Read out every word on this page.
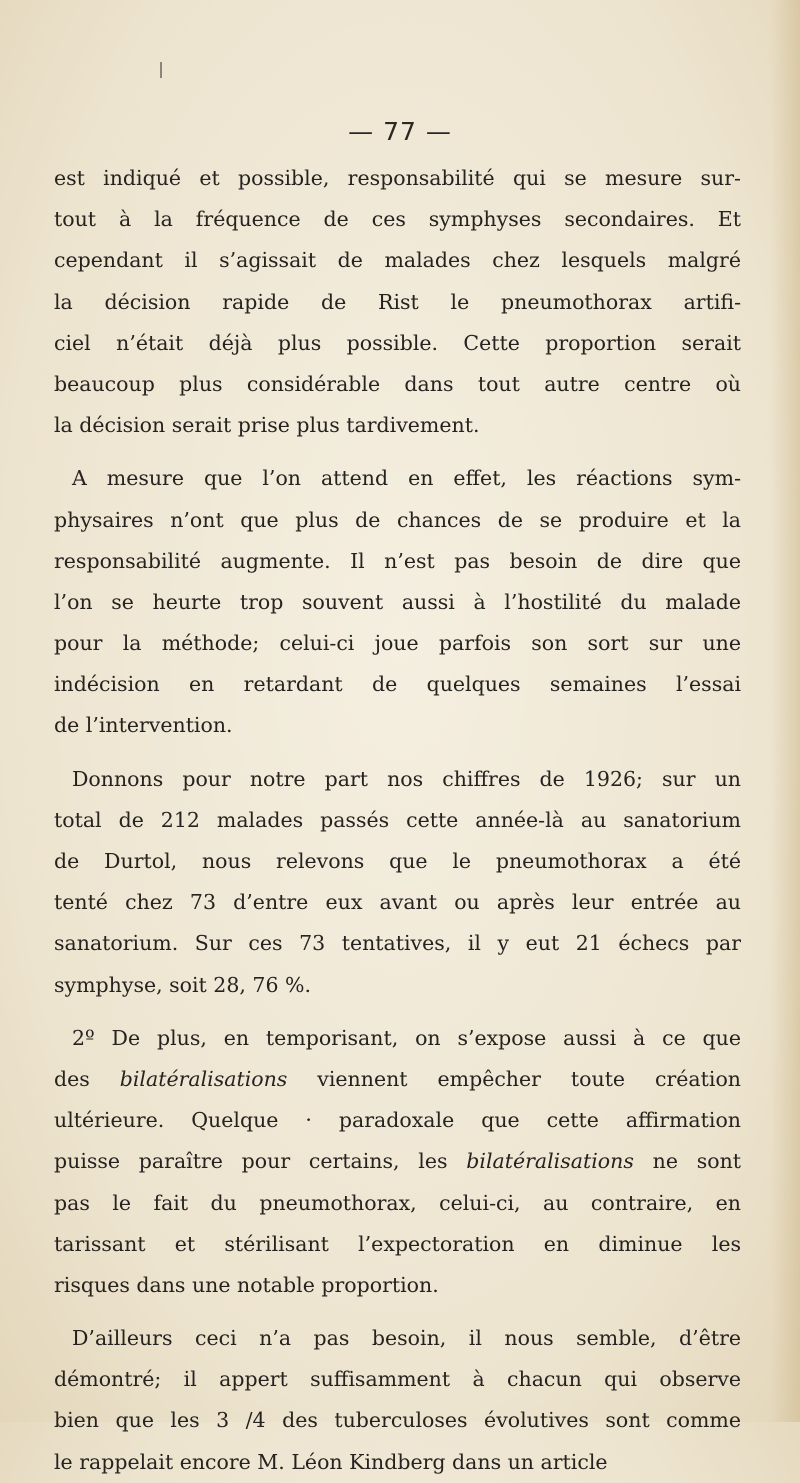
— 77 —
est indiqué et possible, responsabilité qui se mesure sur-
tout à la fréquence de ces symphyses secondaires. Et
cependant il s’agissait de malades chez lesquels malgré
la décision rapide de Rist le pneumothorax artifi-
ciel n’était déjà plus possible. Cette proportion serait
beaucoup plus considérable dans tout autre centre où
la décision serait prise plus tardivement.
A mesure que l’on attend en effet, les réactions sym-
physaires n’ont que plus de chances de se produire et la
responsabilité augmente. Il n’est pas besoin de dire que
l’on se heurte trop souvent aussi à l’hostilité du malade
pour la méthode; celui-ci joue parfois son sort sur une
indécision en retardant de quelques semaines l’essai
de l’intervention.
Donnons pour notre part nos chiffres de 1926; sur un
total de 212 malades passés cette année-là au sanatorium
de Durtol, nous relevons que le pneumothorax a été
tenté chez 73 d’entre eux avant ou après leur entrée au
sanatorium. Sur ces 73 tentatives, il y eut 21 échecs par
symphyse, soit 28, 76 %.
2º De plus, en temporisant, on s’expose aussi à ce que
des bilatéralisations viennent empêcher toute création
ultérieure. Quelque · paradoxale que cette affirmation
puisse paraître pour certains, les bilatéralisations ne sont
pas le fait du pneumothorax, celui-ci, au contraire, en
tarissant et stérilisant l’expectoration en diminue les
risques dans une notable proportion.
D’ailleurs ceci n’a pas besoin, il nous semble, d’être
démontré; il appert suffisamment à chacun qui observe
bien que les 3 /4 des tuberculoses évolutives sont comme
le rappelait encore M. Léon Kindberg dans un article
